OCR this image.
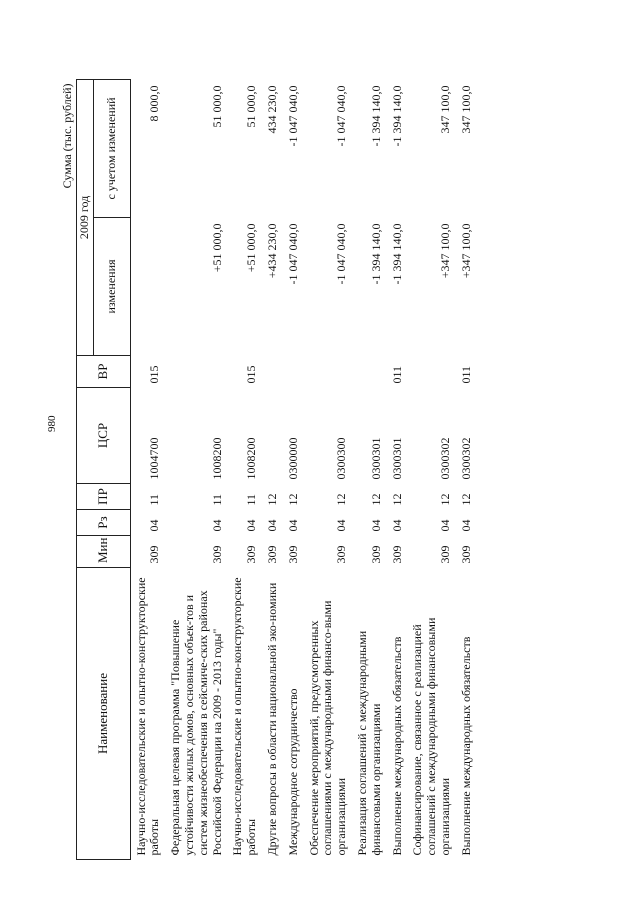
980
						Сумма (тыс. рублей)	
Наименование	Мин	Рз	ПР	ЦСР	ВР	2009 год	
						изменения	с учетом изменений
Научно-исследовательские и опытно-конструкторские работы	309	04	11	1004700	015		8 000,0
Федеральная целевая программа "Повышение устойчивости жилых домов, основных объек-тов и систем жизнеобеспечения в сейсмиче-ских районах Российской Федерации на 2009 - 2013 годы"	309	04	11	1008200		+51 000,0	51 000,0
Научно-исследовательские и опытно-конструкторские работы	309	04	11	1008200	015	+51 000,0	51 000,0
Другие вопросы в области национальной эко-номики	309	04	12			+434 230,0	434 230,0
Международное сотрудничество	309	04	12	0300000		-1 047 040,0	-1 047 040,0
Обеспечение мероприятий, предусмотренных соглашениями с международными финансо-выми организациями	309	04	12	0300300		-1 047 040,0	-1 047 040,0
Реализация соглашений с международными финансовыми организациями	309	04	12	0300301		-1 394 140,0	-1 394 140,0
Выполнение международных обязательств	309	04	12	0300301	011	-1 394 140,0	-1 394 140,0
Софинансирование, связанное с реализацией соглашений с международными финансовыми организациями	309	04	12	0300302		+347 100,0	347 100,0
Выполнение международных обязательств	309	04	12	0300302	011	+347 100,0	347 100,0
